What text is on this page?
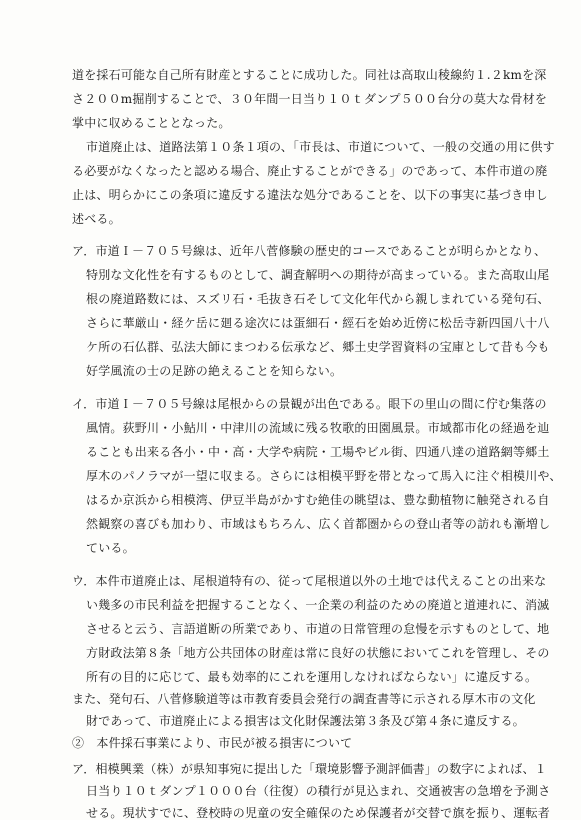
道を採石可能な自己所有財産とすることに成功した。同社は高取山稜線約１.２kmを深
さ２００m掘削することで、３０年間一日当り１０ｔダンプ５００台分の莫大な骨材を
掌中に収めることとなった。
市道廃止は、道路法第１０条１項の、「市長は、市道について、一般の交通の用に供す
る必要がなくなったと認める場合、廃止することができる」のであって、本件市道の廃
止は、明らかにこの条項に違反する違法な処分であることを、以下の事実に基づき申し
述べる。
ア．市道Ｉ－７０５号線は、近年八菅修験の歴史的コースであることが明らかとなり、
特別な文化性を有するものとして、調査解明への期待が高まっている。また高取山尾
根の廃道路数には、スズリ石・毛抜き石そして文化年代から親しまれている発句石、
さらに華厳山・経ケ岳に廻る途次には蛋細石・經石を始め近傍に松岳寺新四国八十八
ケ所の石仏群、弘法大師にまつわる伝承など、郷土史学習資料の宝庫として昔も今も
好学風流の士の足跡の絶えることを知らない。
イ．市道Ｉ－７０５号線は尾根からの景観が出色である。眼下の里山の間に佇む集落の
風情。荻野川・小鮎川・中津川の流域に残る牧歌的田園風景。市域都市化の経過を辿
ることも出来る各小・中・高・大学や病院・工場やビル街、四通八達の道路網等郷土
厚木のパノラマが一望に収まる。さらには相模平野を帯となって馬入に注ぐ相模川や、
はるか京浜から相模湾、伊豆半島がかすむ絶佳の眺望は、豊な動植物に触発される自
然観察の喜びも加わり、市域はもちろん、広く首都圏からの登山者等の訪れも漸増し
ている。
ウ．本件市道廃止は、尾根道特有の、従って尾根道以外の土地では代えることの出来な
い幾多の市民利益を把握することなく、一企業の利益のための廃道と道連れに、消滅
させると云う、言語道断の所業であり、市道の日常管理の怠慢を示すものとして、地
方財政法第８条「地方公共団体の財産は常に良好の状態においてこれを管理し、その
所有の目的に応じて、最も効率的にこれを運用しなければならない」に違反する。
また、発句石、八菅修験道等は市教育委員会発行の調査書等に示される厚木市の文化
財であって、市道廃止による損害は文化財保護法第３条及び第４条に違反する。
②　本件採石事業により、市民が被る損害について
ア．相模興業（株）が県知事宛に提出した「環境影響予測評価書」の数字によれば、１
日当り１０ｔダンプ１０００台（往復）の積行が見込まれ、交通被害の急増を予測さ
せる。現状すでに、登校時の児童の安全確保のため保護者が交替で旗を振り、運転者
